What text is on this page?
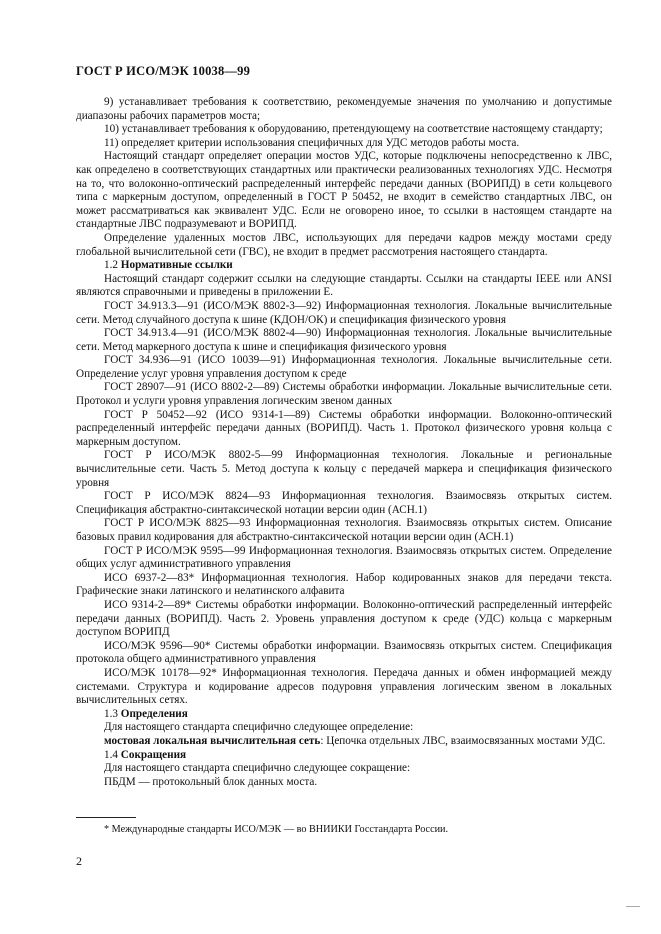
ГОСТ Р ИСО/МЭК 10038—99

9) устанавливает требования к соответствию, рекомендуемые значения по умолчанию и допустимые диапазоны рабочих параметров моста;

10) устанавливает требования к оборудованию, претендующему на соответствие настоящему стандарту;

11) определяет критерии использования специфичных для УДС методов работы моста.

Настоящий стандарт определяет операции мостов УДС, которые подключены непосредственно к ЛВС, как определено в соответствующих стандартных или практически реализованных технологиях УДС. Несмотря на то, что волоконно-оптический распределенный интерфейс передачи данных (ВОРИПД) в сети кольцевого типа с маркерным доступом, определенный в ГОСТ Р 50452, не входит в семейство стандартных ЛВС, он может рассматриваться как эквивалент УДС. Если не оговорено иное, то ссылки в настоящем стандарте на стандартные ЛВС подразумевают и ВОРИПД.

Определение удаленных мостов ЛВС, использующих для передачи кадров между мостами среду глобальной вычислительной сети (ГВС), не входит в предмет рассмотрения настоящего стандарта.

1.2 Нормативные ссылки

Настоящий стандарт содержит ссылки на следующие стандарты. Ссылки на стандарты IEEE или ANSI являются справочными и приведены в приложении Е.

ГОСТ 34.913.3—91 (ИСО/МЭК 8802-3—92) Информационная технология. Локальные вычислительные сети. Метод случайного доступа к шине (КДОН/ОК) и спецификация физического уровня

ГОСТ 34.913.4—91 (ИСО/МЭК 8802-4—90) Информационная технология. Локальные вычислительные сети. Метод маркерного доступа к шине и спецификация физического уровня

ГОСТ 34.936—91 (ИСО 10039—91) Информационная технология. Локальные вычислительные сети. Определение услуг уровня управления доступом к среде

ГОСТ 28907—91 (ИСО 8802-2—89) Системы обработки информации. Локальные вычислительные сети. Протокол и услуги уровня управления логическим звеном данных

ГОСТ Р 50452—92 (ИСО 9314-1—89) Системы обработки информации. Волоконно-оптический распределенный интерфейс передачи данных (ВОРИПД). Часть 1. Протокол физического уровня кольца с маркерным доступом.

ГОСТ Р ИСО/МЭК 8802-5—99 Информационная технология. Локальные и региональные вычислительные сети. Часть 5. Метод доступа к кольцу с передачей маркера и спецификация физического уровня

ГОСТ Р ИСО/МЭК 8824—93 Информационная технология. Взаимосвязь открытых систем. Спецификация абстрактно-синтаксической нотации версии один (АСН.1)

ГОСТ Р ИСО/МЭК 8825—93 Информационная технология. Взаимосвязь открытых систем. Описание базовых правил кодирования для абстрактно-синтаксической нотации версии один (АСН.1)

ГОСТ Р ИСО/МЭК 9595—99 Информационная технология. Взаимосвязь открытых систем. Определение общих услуг административного управления

ИСО 6937-2—83* Информационная технология. Набор кодированных знаков для передачи текста. Графические знаки латинского и нелатинского алфавита

ИСО 9314-2—89* Системы обработки информации. Волоконно-оптический распределенный интерфейс передачи данных (ВОРИПД). Часть 2. Уровень управления доступом к среде (УДС) кольца с маркерным доступом ВОРИПД

ИСО/МЭК 9596—90* Системы обработки информации. Взаимосвязь открытых систем. Спецификация протокола общего административного управления

ИСО/МЭК 10178—92* Информационная технология. Передача данных и обмен информацией между системами. Структура и кодирование адресов подуровня управления логическим звеном в локальных вычислительных сетях.

1.3 Определения

Для настоящего стандарта специфично следующее определение:

мостовая локальная вычислительная сеть: Цепочка отдельных ЛВС, взаимосвязанных мостами УДС.

1.4 Сокращения

Для настоящего стандарта специфично следующее сокращение:

ПБДМ — протокольный блок данных моста.

* Международные стандарты ИСО/МЭК — во ВНИИКИ Госстандарта России.
2
